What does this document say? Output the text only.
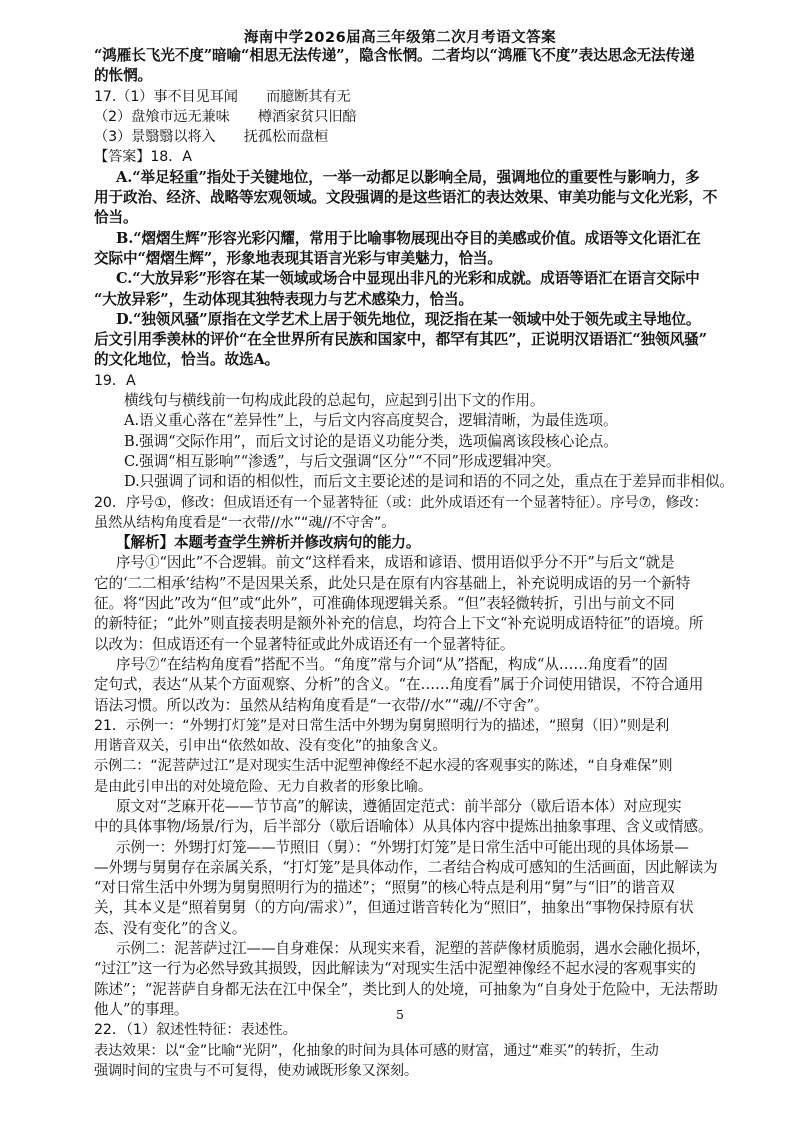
海南中学2026届高三年级第二次月考语文答案
“鸿雁长飞光不度”暗喻“相思无法传递”，隐含怅惘。二者均以“鸿雁飞不度”表达思念无法传递
的怅惘。
17.（1）事不目见耳闻　　而臆断其有无
（2）盘飧市远无兼味　　樽酒家贫只旧醅
（3）景翳翳以将入　　抚孤松而盘桓
【答案】18．A
A.“举足轻重”指处于关键地位，一举一动都足以影响全局，强调地位的重要性与影响力，多
用于政治、经济、战略等宏观领域。文段强调的是这些语汇的表达效果、审美功能与文化光彩，不
恰当。
B.“熠熠生辉”形容光彩闪耀，常用于比喻事物展现出夺目的美感或价值。成语等文化语汇在
交际中“熠熠生辉”，形象地表现其语言光彩与审美魅力，恰当。
C.“大放异彩”形容在某一领域或场合中显现出非凡的光彩和成就。成语等语汇在语言交际中
“大放异彩”，生动体现其独特表现力与艺术感染力，恰当。
D.“独领风骚”原指在文学艺术上居于领先地位，现泛指在某一领域中处于领先或主导地位。
后文引用季羡林的评价“在全世界所有民族和国家中，都罕有其匹”，正说明汉语语汇“独领风骚”
的文化地位，恰当。故选A。
19．A
横线句与横线前一句构成此段的总起句，应起到引出下文的作用。
A.语义重心落在“差异性”上，与后文内容高度契合，逻辑清晰，为最佳选项。
B.强调“交际作用”，而后文讨论的是语义功能分类，选项偏离该段核心论点。
C.强调“相互影响”“渗透”，与后文强调“区分”“不同”形成逻辑冲突。
D.只强调了词和语的相似性，而后文主要论述的是词和语的不同之处，重点在于差异而非相似。
20．序号①，修改：但成语还有一个显著特征（或：此外成语还有一个显著特征）。序号⑦，修改：
虽然从结构角度看是“一衣带//水”“魂//不守舍”。
【解析】本题考查学生辨析并修改病句的能力。
序号①“因此”不合逻辑。前文“这样看来，成语和谚语、惯用语似乎分不开”与后文“就是
它的‘二二相承’结构”不是因果关系，此处只是在原有内容基础上，补充说明成语的另一个新特
征。将“因此”改为“但”或“此外”，可准确体现逻辑关系。“但”表轻微转折，引出与前文不同
的新特征；“此外”则直接表明是额外补充的信息，均符合上下文“补充说明成语特征”的语境。所
以改为：但成语还有一个显著特征或此外成语还有一个显著特征。
序号⑦“在结构角度看”搭配不当。“角度”常与介词“从”搭配，构成“从……角度看”的固
定句式，表达“从某个方面观察、分析”的含义。“在……角度看”属于介词使用错误，不符合通用
语法习惯。所以改为：虽然从结构角度看是“一衣带//水”“魂//不守舍”。
21．示例一：“外甥打灯笼”是对日常生活中外甥为舅舅照明行为的描述，“照舅（旧）”则是利
用谐音双关，引申出“依然如故、没有变化”的抽象含义。
示例二：“泥菩萨过江”是对现实生活中泥塑神像经不起水浸的客观事实的陈述，“自身难保”则
是由此引申出的对处境危险、无力自救者的形象比喻。
原文对“芝麻开花——节节高”的解读，遵循固定范式：前半部分（歇后语本体）对应现实
中的具体事物/场景/行为，后半部分（歇后语喻体）从具体内容中提炼出抽象事理、含义或情感。
示例一：外甥打灯笼——节照旧（舅）：“外甥打灯笼”是日常生活中可能出现的具体场景—
—外甥与舅舅存在亲属关系，“打灯笼”是具体动作，二者结合构成可感知的生活画面，因此解读为
“对日常生活中外甥为舅舅照明行为的描述”；“照舅”的核心特点是利用“舅”与“旧”的谐音双
关，其本义是“照着舅舅（的方向/需求）”，但通过谐音转化为“照旧”，抽象出“事物保持原有状
态、没有变化”的含义。
示例二：泥菩萨过江——自身难保：从现实来看，泥塑的菩萨像材质脆弱，遇水会融化损坏，
“过江”这一行为必然导致其损毁，因此解读为“对现实生活中泥塑神像经不起水浸的客观事实的
陈述”；“泥菩萨自身都无法在江中保全”，类比到人的处境，可抽象为“自身处于危险中，无法帮助
他人”的事理。
22．（1）叙述性特征：表述性。
表达效果：以“金”比喻“光阴”，化抽象的时间为具体可感的财富，通过“难买”的转折，生动
强调时间的宝贵与不可复得，使劝诫既形象又深刻。
5
